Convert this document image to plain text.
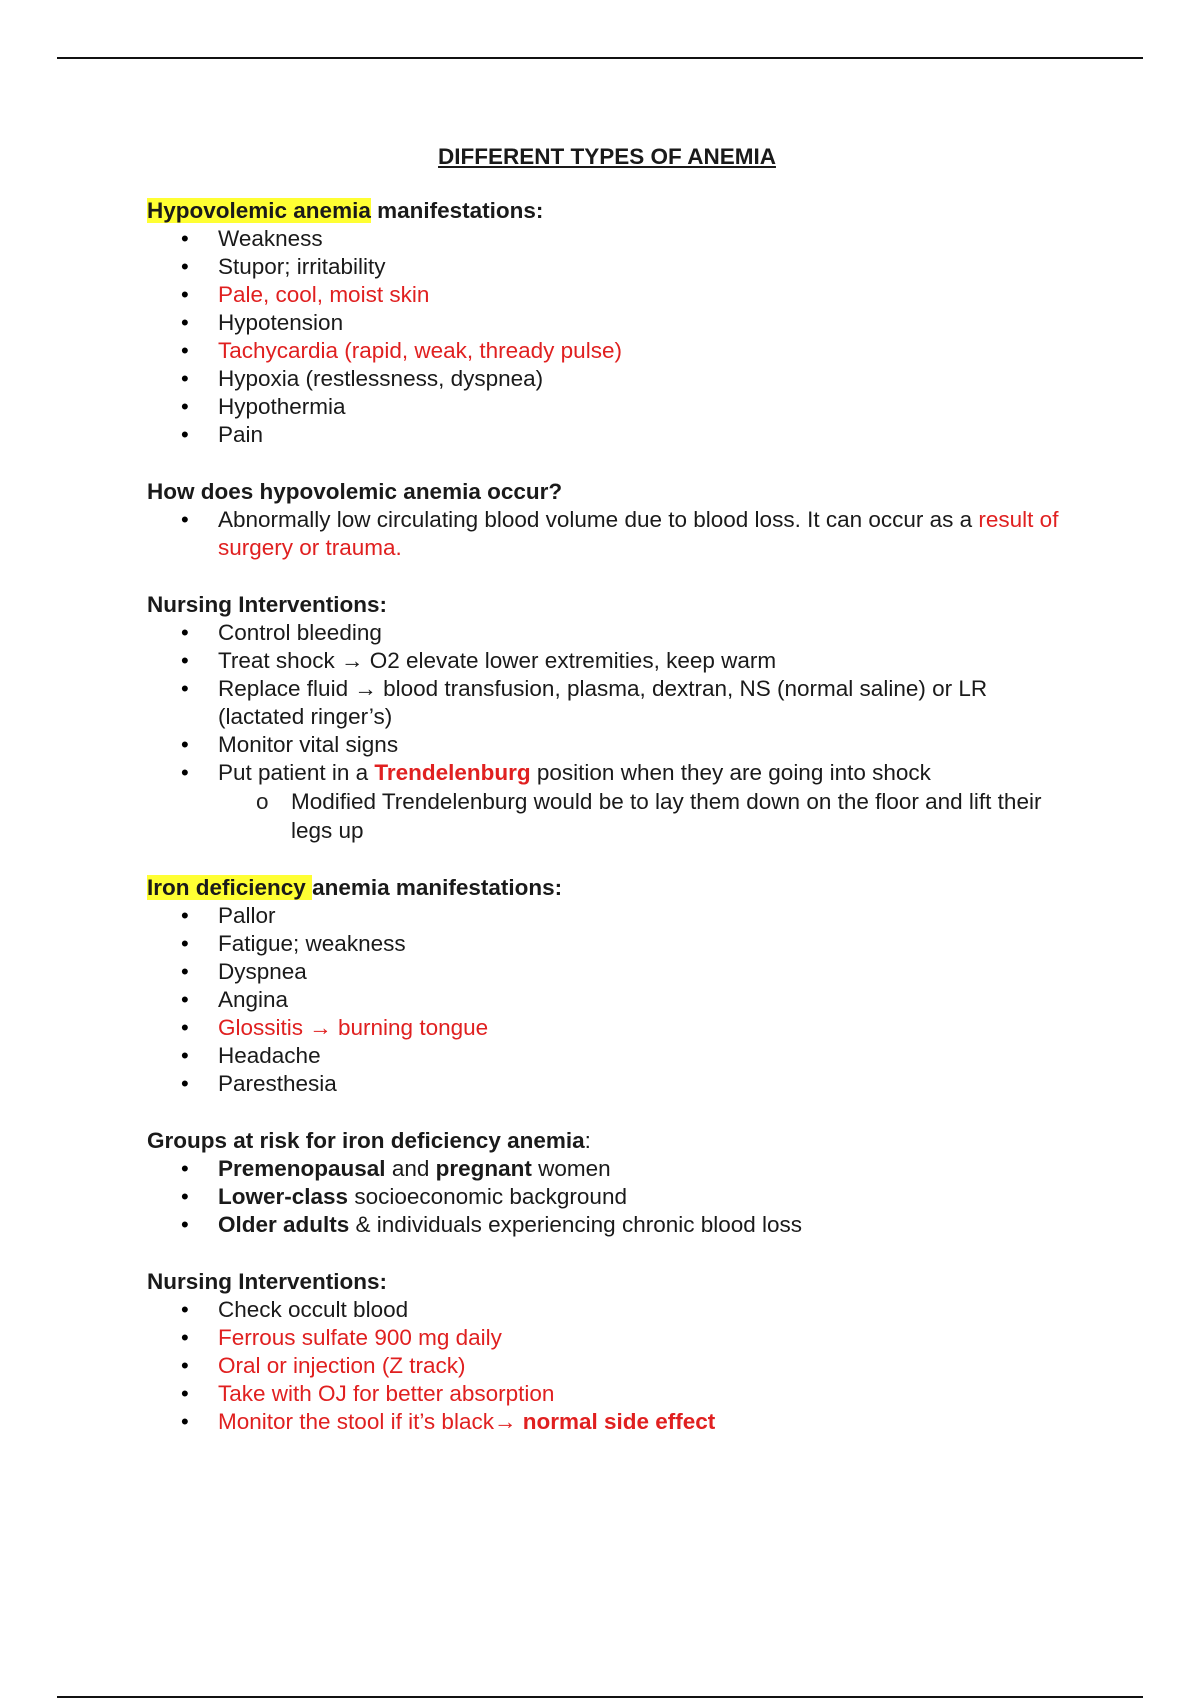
DIFFERENT TYPES OF ANEMIA

Hypovolemic anemia manifestations:

• Weakness
• Stupor; irritability
• Pale, cool, moist skin
• Hypotension
• Tachycardia (rapid, weak, thready pulse)
• Hypoxia (restlessness, dyspnea)
• Hypothermia
• Pain

How does hypovolemic anemia occur?

• Abnormally low circulating blood volume due to blood loss. It can occur as a result of surgery or trauma.

Nursing Interventions:

• Control bleeding
• Treat shock → O2 elevate lower extremities, keep warm
• Replace fluid → blood transfusion, plasma, dextran, NS (normal saline) or LR (lactated ringer’s)
• Monitor vital signs
• Put patient in a Trendelenburg position when they are going into shock
o Modified Trendelenburg would be to lay them down on the floor and lift their legs up

Iron deficiency anemia manifestations:

• Pallor
• Fatigue; weakness
• Dyspnea
• Angina
• Glossitis → burning tongue
• Headache
• Paresthesia

Groups at risk for iron deficiency anemia:

• Premenopausal and pregnant women
• Lower-class socioeconomic background
• Older adults & individuals experiencing chronic blood loss

Nursing Interventions:

• Check occult blood
• Ferrous sulfate 900 mg daily
• Oral or injection (Z track)
• Take with OJ for better absorption
• Monitor the stool if it’s black→ normal side effect
